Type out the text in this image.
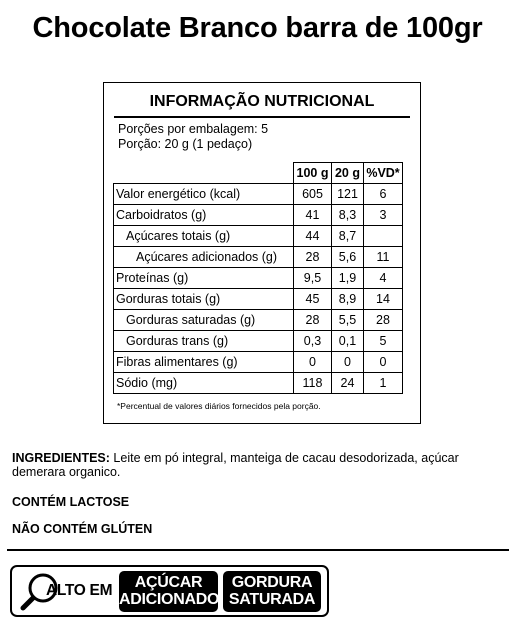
Chocolate Branco barra de 100gr
INFORMAÇÃO NUTRICIONAL
Porções por embalagem: 5
Porção: 20 g (1 pedaço)
	100 g	20 g	%VD*
Valor energético (kcal)	605	121	6
Carboidratos (g)	41	8,3	3
Açúcares totais (g)	44	8,7	
Açúcares adicionados (g)	28	5,6	11
Proteínas (g)	9,5	1,9	4
Gorduras totais (g)	45	8,9	14
Gorduras saturadas (g)	28	5,5	28
Gorduras trans (g)	0,3	0,1	5
Fibras alimentares (g)	0	0	0
Sódio (mg)	118	24	1
*Percentual de valores diários fornecidos pela porção.
INGREDIENTES: Leite em pó integral, manteiga de cacau desodorizada, açúcar demerara organico.
CONTÉM LACTOSE
NÃO CONTÉM GLÚTEN
ALTO EM	AÇÚCAR
ADICIONADO
GORDURA
SATURADA
